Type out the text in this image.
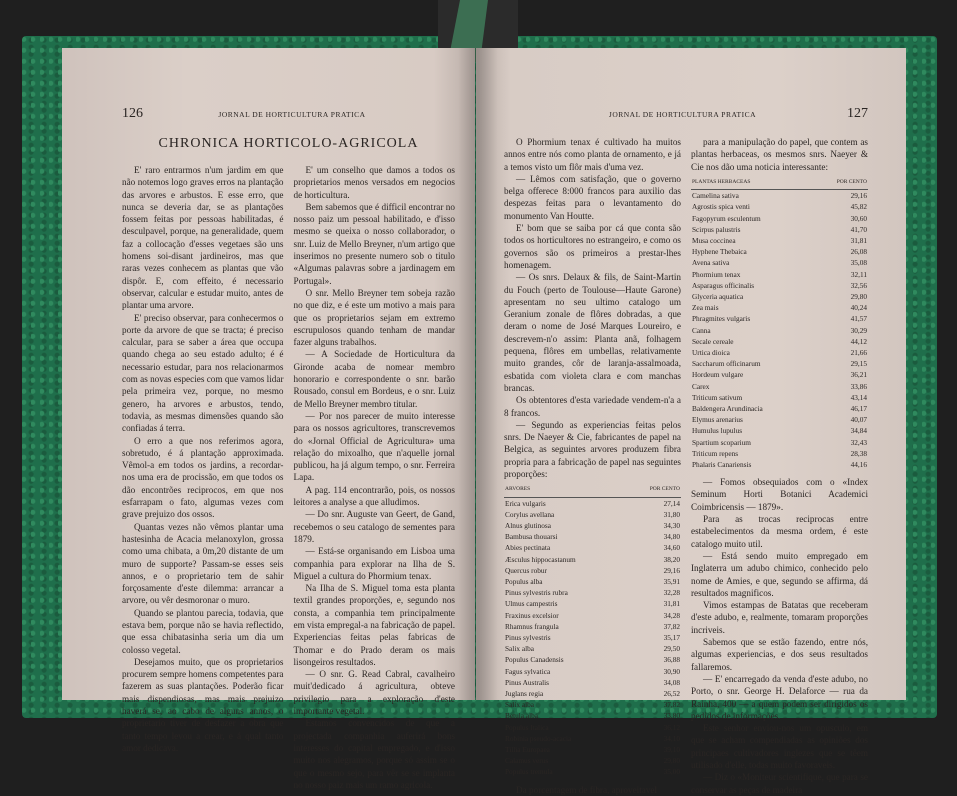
126	JORNAL DE HORTICULTURA PRATICA
CHRONICA HORTICOLO-AGRICOLA

E' raro entrarmos n'um jardim em que não notemos logo graves erros na plantação das arvores e arbustos. E esse erro, que nunca se deveria dar, se as plantações fossem feitas por pessoas habilitadas, é desculpavel, porque, na generalidade, quem faz a collocação d'esses vegetaes são uns homens soi-disant jardineiros, mas que raras vezes conhecem as plantas que vão dispôr. E, com effeito, é necessario observar, calcular e estudar muito, antes de plantar uma arvore.

E' preciso observar, para conhecermos o porte da arvore de que se tracta; é preciso calcular, para se saber a área que occupa quando chega ao seu estado adulto; é é necessario estudar, para nos relacionarmos com as novas especies com que vamos lidar pela primeira vez, porque, no mesmo genero, ha arvores e arbustos, tendo, todavia, as mesmas dimensões quando são confiadas á terra.

O erro a que nos referimos agora, sobretudo, é á plantação approximada. Vêmol-a em todos os jardins, a recordar-nos uma era de procissão, em que todos os dão encontrões reciprocos, em que nos esfarrapam o fato, algumas vezes com grave prejuizo dos ossos.

Quantas vezes não vêmos plantar uma hastesinha de Acacia melanoxylon, grossa como uma chibata, a 0m,20 distante de um muro de supporte? Passam-se esses seis annos, e o proprietario tem de sahir forçosamente d'este dilemma: arrancar a arvore, ou vêr desmoronar o muro.

Quando se plantou parecia, todavia, que estava bem, porque não se havia reflectido, que essa chibatasinha seria um dia um colosso vegetal.

Desejamos muito, que os proprietarios procurem sempre homens competentes para fazerem as suas plantações. Poderão ficar mais dispendiosas, mas mais prejuizo haverá se, ao cabo de alguns annos, o proprietario tiver de desfazer a obra que tanto tempo levou a crear, e á qual tanto amor dedicava.

E' um conselho que damos a todos os proprietarios menos versados em negocios de horticultura.

Bem sabemos que é difficil encontrar no nosso paiz um pessoal habilitado, e d'isso mesmo se queixa o nosso collaborador, o snr. Luiz de Mello Breyner, n'um artigo que inserimos no presente numero sob o titulo «Algumas palavras sobre a jardinagem em Portugal».

O snr. Mello Breyner tem sobeja razão no que diz, e é este um motivo a mais para que os proprietarios sejam em extremo escrupulosos quando tenham de mandar fazer alguns trabalhos.

— A Sociedade de Horticultura da Gironde acaba de nomear membro honorario e correspondente o snr. barão Rousado, consul em Bordeus, e o snr. Luiz de Mello Breyner membro titular.

— Por nos parecer de muito interesse para os nossos agricultores, transcrevemos do «Jornal Official de Agricultura» uma relação do mixoalho, que n'aquelle jornal publicou, ha já algum tempo, o snr. Ferreira Lapa.

A pag. 114 encontrarão, pois, os nossos leitores a analyse a que alludimos.

— Do snr. Auguste van Geert, de Gand, recebemos o seu catalogo de sementes para 1879.

— Está-se organisando em Lisboa uma companhia para explorar na Ilha de S. Miguel a cultura do Phormium tenax.

Na Ilha de S. Miguel toma esta planta textil grandes proporções, e, segundo nos consta, a companhia tem principalmente em vista empregal-a na fabricação de papel. Experiencias feitas pelas fabricas de Thomar e do Prado deram os mais lisongeiros resultados.

— O snr. G. Read Cabral, cavalheiro muit'dedicado á agricultura, obteve privilegio para a exploração d'este importante vegetal.

Estamos convencidos de que a projectada companhia auferirá bons interesses do capital empregado, e d'isso muito nos alegramos, porque só assim se o que o mesmo sejo, para vêr se se implanta no nosso paiz mais um ramo agricola.

JORNAL DE HORTICULTURA PRATICA	127

O Phormium tenax é cultivado ha muitos annos entre nós como planta de ornamento, e já a temos visto um flôr mais d'uma vez.

— Lêmos com satisfação, que o governo belga offerece 8:000 francos para auxilio das despezas feitas para o levantamento do monumento Van Houtte.

E' bom que se saiba por cá que conta são todos os horticultores no estrangeiro, e como os governos são os primeiros a prestar-lhes homenagem.

— Os snrs. Delaux & fils, de Saint-Martin du Fouch (perto de Toulouse—Haute Garone) apresentam no seu ultimo catalogo um Geranium zonale de flôres dobradas, a que deram o nome de José Marques Loureiro, e descrevem-n'o assim: Planta anã, folhagem pequena, flôres em umbellas, relativamente muito grandes, côr de laranja-assalmoada, esbatida com violeta clara e com manchas brancas.

Os obtentores d'esta variedade vendem-n'a a 8 francos.

— Segundo as experiencias feitas pelos snrs. De Naeyer & Cie, fabricantes de papel na Belgica, as seguintes arvores produzem fibra propria para a fabricação de papel nas seguintes proporções:

ARVORES	POR CENTO
Erica vulgaris	27,14
Corylus avellana	31,80
Alnus glutinosa	34,30
Bambusa thouarsi	34,80
Abies pectinata	34,60
Æsculus hippocastanum	38,20
Quercus robur	29,16
Populus alba	35,91
Pinus sylvestris rubra	32,28
Ulmus campestris	31,81
Fraxinus excelsior	34,28
Rhamnus frangula	37,82
Pinus sylvestris	35,17
Salix alba	29,50
Populus Canadensis	36,88
Fagus sylvatica	30,90
Pinus Australis	34,08
Juglans regia	26,52
Salix alba	37,82
Betula alba	33,80
Populus Italica	36,12
Robinia pseudo-acacia	34,10
Tillia Europaea	39,10
Calamus verus	29,80
Populus tremula	35,00

Da porcentagem de fibra, aproveitavel

para a manipulação do papel, que contem as plantas herbaceas, os mesmos snrs. Naeyer & Cie nos dão uma noticia interessante:

PLANTAS HERBACEAS	POR CENTO
Camelina sativa	29,16
Agrostis spica venti	45,82
Fagopyrum esculentum	30,60
Scirpus palustris	41,70
Musa coccinea	31,81
Hyphene Thebaica	26,08
Avena sativa	35,08
Phormium tenax	32,11
Asparagus officinalis	32,56
Glyceria aquatica	29,80
Zea mais	40,24
Phragmites vulgaris	41,57
Canna	30,29
Secale cereale	44,12
Urtica dioica	21,66
Saccharum officinarum	29,15
Hordeum vulgare	36,21
Carex	33,86
Triticum sativum	43,14
Baldengera Arundinacia	46,17
Elymus arenarius	40,07
Humulus lupulus	34,84
Spartium scoparium	32,43
Triticum repens	28,38
Phalaris Canariensis	44,16

— Fomos obsequiados com o «Index Seminum Horti Botanici Academici Coimbricensis — 1879».

Para as trocas reciprocas entre estabelecimentos da mesma ordem, é este catalogo muito util.

— Está sendo muito empregado em Inglaterra um adubo chimico, conhecido pelo nome de Amies, e que, segundo se affirma, dá resultados magnificos.

Vimos estampas de Batatas que receberam d'este adubo, e, realmente, tomaram proporções incriveis.

Sabemos que se estão fazendo, entre nós, algumas experiencias, e dos seus resultados fallaremos.

— E' encarregado da venda d'este adubo, no Porto, o snr. George H. Delaforce — rua da Rainha, 400 — a quem podem ser dirigidos os pedidos de informações.

Este senhor enviou-nos um opusculo, em que se acham compendiadas as opiniões dos principaes cultivadores inglezes que se têem utilisado d'elle, todas muito favoraveis.

— Diz o «Moniteur scientifique, que para se conservar as peças de madeira
